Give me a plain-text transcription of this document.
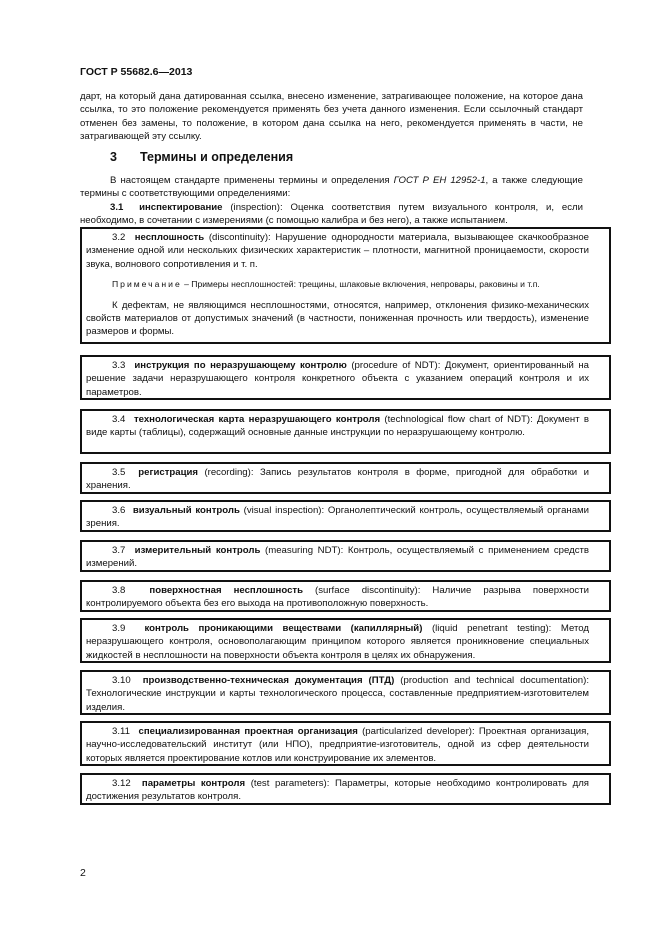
ГОСТ Р 55682.6—2013
дарт, на который дана датированная ссылка, внесено изменение, затрагивающее положение, на которое дана ссылка, то это положение рекомендуется применять без учета данного изменения. Если ссылочный стандарт отменен без замены, то положение, в котором дана ссылка на него, рекомендуется применять в части, не затрагивающей эту ссылку.
3 Термины и определения
В настоящем стандарте применены термины и определения ГОСТ Р ЕН 12952-1, а также следующие термины с соответствующими определениями:
3.1 инспектирование (inspection): Оценка соответствия путем визуального контроля, и, если необходимо, в сочетании с измерениями (с помощью калибра и без него), а также испытанием.

3.2 несплошность (discontinuity): Нарушение однородности материала, вызывающее скачкообразное изменение одной или нескольких физических характеристик – плотности, магнитной проницаемости, скорости звука, волнового сопротивления и т. п.

Примечание – Примеры несплошностей: трещины, шлаковые включения, непровары, раковины и т.п.

К дефектам, не являющимся несплошностями, относятся, например, отклонения физико-механических свойств материалов от допустимых значений (в частности, пониженная прочность или твердость), изменение размеров и формы.

3.3 инструкция по неразрушающему контролю (procedure of NDT): Документ, ориентированный на решение задачи неразрушающего контроля конкретного объекта с указанием операций контроля и их параметров.

3.4 технологическая карта неразрушающего контроля (technological flow chart of NDT): Документ в виде карты (таблицы), содержащий основные данные инструкции по неразрушающему контролю.

3.5 регистрация (recording): Запись результатов контроля в форме, пригодной для обработки и хранения.

3.6 визуальный контроль (visual inspection): Органолептический контроль, осуществляемый органами зрения.

3.7 измерительный контроль (measuring NDT): Контроль, осуществляемый с применением средств измерений.

3.8	поверхностная несплошность (surface discontinuity): Наличие разрыва поверхности контролируемого объекта без его выхода на противоположную поверхность.

3.9 контроль проникающими веществами (капиллярный) (liquid penetrant testing): Метод неразрушающего контроля, основополагающим принципом которого является проникновение специальных жидкостей в несплошности на поверхности объекта контроля в целях их обнаружения.

3.10 производственно-техническая документация (ПТД) (production and technical documentation): Технологические инструкции и карты технологического процесса, составленные предприятием-изготовителем изделия.

3.11 специализированная проектная организация (particularized developer): Проектная организация, научно-исследовательский институт (или НПО), предприятие-изготовитель, одной из сфер деятельности которых является проектирование котлов или конструирование их элементов.

3.12 параметры контроля (test parameters): Параметры, которые необходимо контролировать для достижения результатов контроля.

2
